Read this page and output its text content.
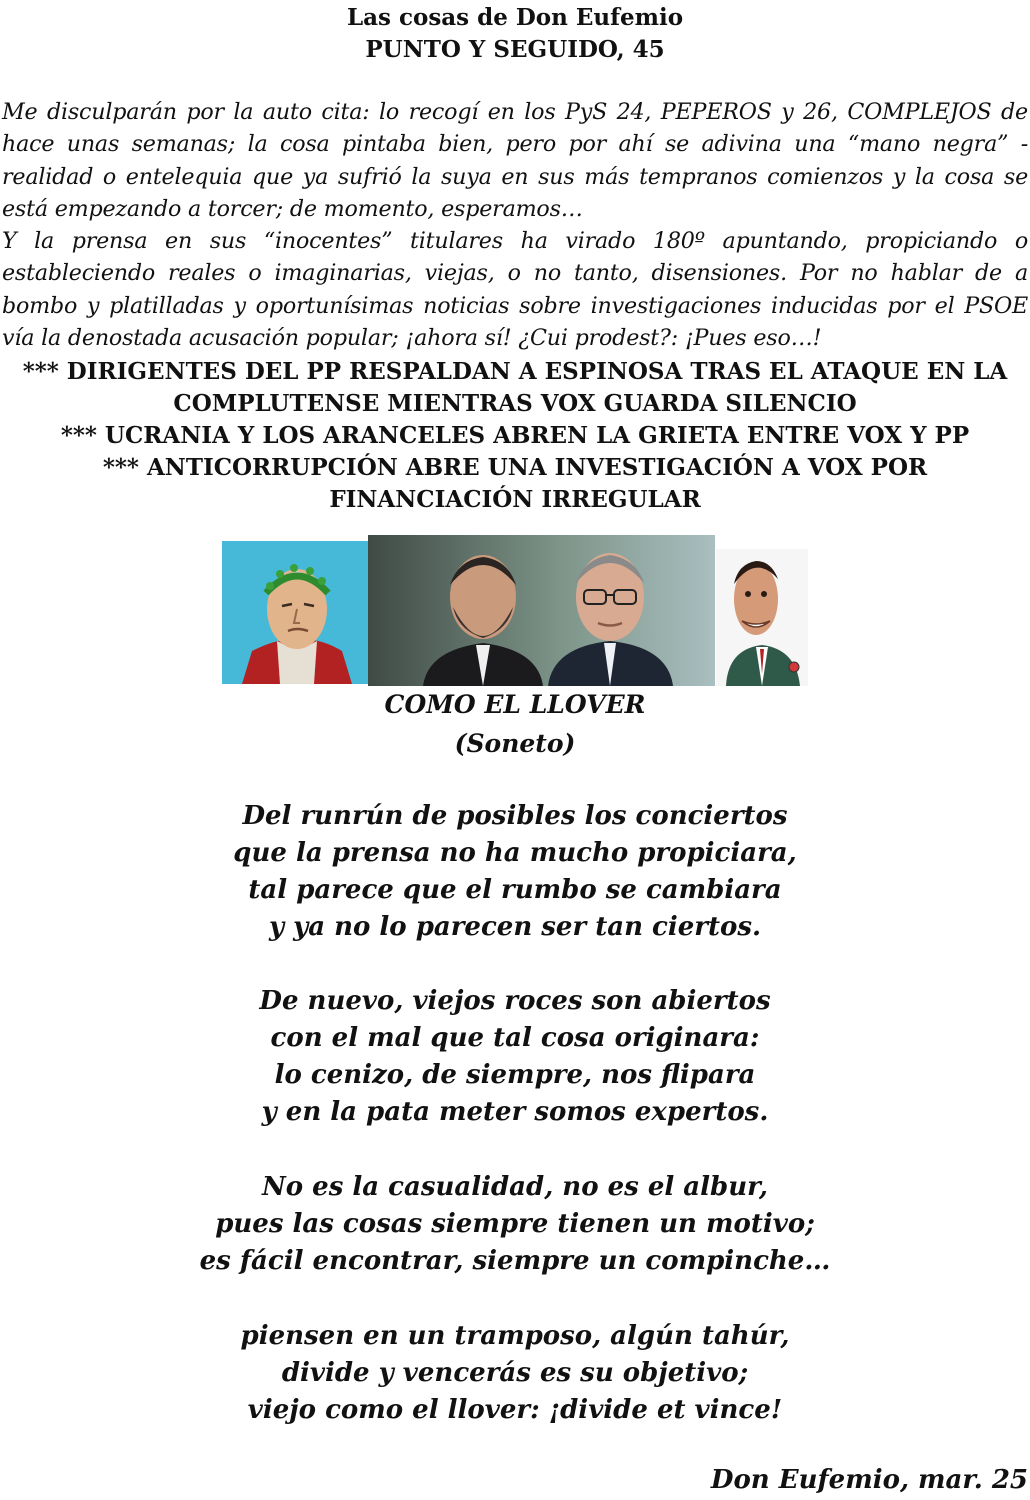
Las cosas de Don Eufemio
PUNTO Y SEGUIDO, 45

Me disculparán por la auto cita: lo recogí en los PyS 24, PEPEROS y 26, COMPLEJOS de hace unas semanas; la cosa pintaba bien, pero por ahí se adivina una “mano negra” -realidad o entelequia que ya sufrió la suya en sus más tempranos comienzos y la cosa se está empezando a torcer; de momento, esperamos…

Y la prensa en sus “inocentes” titulares ha virado 180º apuntando, propiciando o estableciendo reales o imaginarias, viejas, o no tanto, disensiones. Por no hablar de a bombo y platilladas y oportunísimas noticias sobre investigaciones inducidas por el PSOE vía la denostada acusación popular; ¡ahora sí! ¿Cui prodest?: ¡Pues eso…!

*** DIRIGENTES DEL PP RESPALDAN A ESPINOSA TRAS EL ATAQUE EN LA COMPLUTENSE MIENTRAS VOX GUARDA SILENCIO
*** UCRANIA Y LOS ARANCELES ABREN LA GRIETA ENTRE VOX Y PP
*** ANTICORRUPCIÓN ABRE UNA INVESTIGACIÓN A VOX POR FINANCIACIÓN IRREGULAR
COMO EL LLOVER
(Soneto)
Del runrún de posibles los conciertos
que la prensa no ha mucho propiciara,
tal parece que el rumbo se cambiara
y ya no lo parecen ser tan ciertos.
De nuevo, viejos roces son abiertos
con el mal que tal cosa originara:
lo cenizo, de siempre, nos flipara
y en la pata meter somos expertos.
No es la casualidad, no es el albur,
pues las cosas siempre tienen un motivo;
es fácil encontrar, siempre un compinche…
piensen en un tramposo, algún tahúr,
divide y vencerás es su objetivo;
viejo como el llover: ¡divide et vince!
Don Eufemio, mar. 25
